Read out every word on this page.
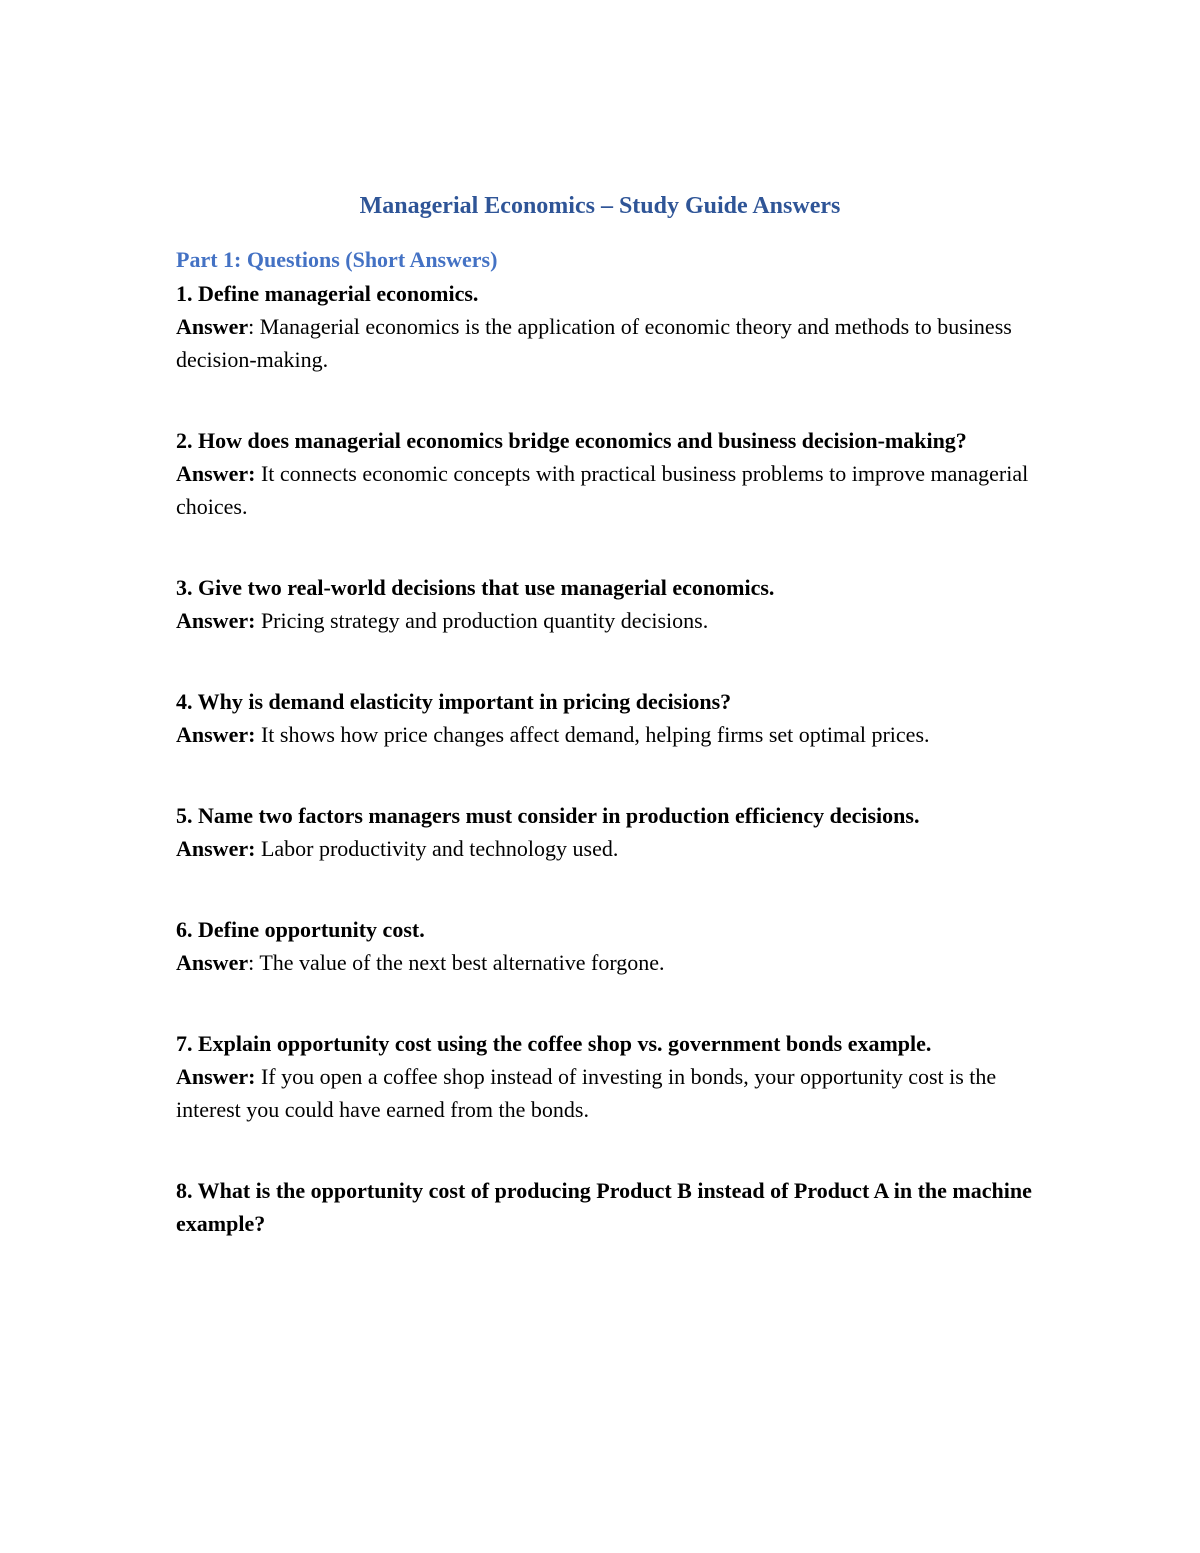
Managerial Economics – Study Guide Answers
Part 1: Questions (Short Answers)

1. Define managerial economics.

Answer: Managerial economics is the application of economic theory and methods to business decision-making.

2. How does managerial economics bridge economics and business decision-making?

Answer: It connects economic concepts with practical business problems to improve managerial choices.

3. Give two real-world decisions that use managerial economics.

Answer: Pricing strategy and production quantity decisions.

4. Why is demand elasticity important in pricing decisions?

Answer: It shows how price changes affect demand, helping firms set optimal prices.

5. Name two factors managers must consider in production efficiency decisions.

Answer: Labor productivity and technology used.

6. Define opportunity cost.

Answer: The value of the next best alternative forgone.

7. Explain opportunity cost using the coffee shop vs. government bonds example.

Answer: If you open a coffee shop instead of investing in bonds, your opportunity cost is the interest you could have earned from the bonds.

8. What is the opportunity cost of producing Product B instead of Product A in the machine example?
